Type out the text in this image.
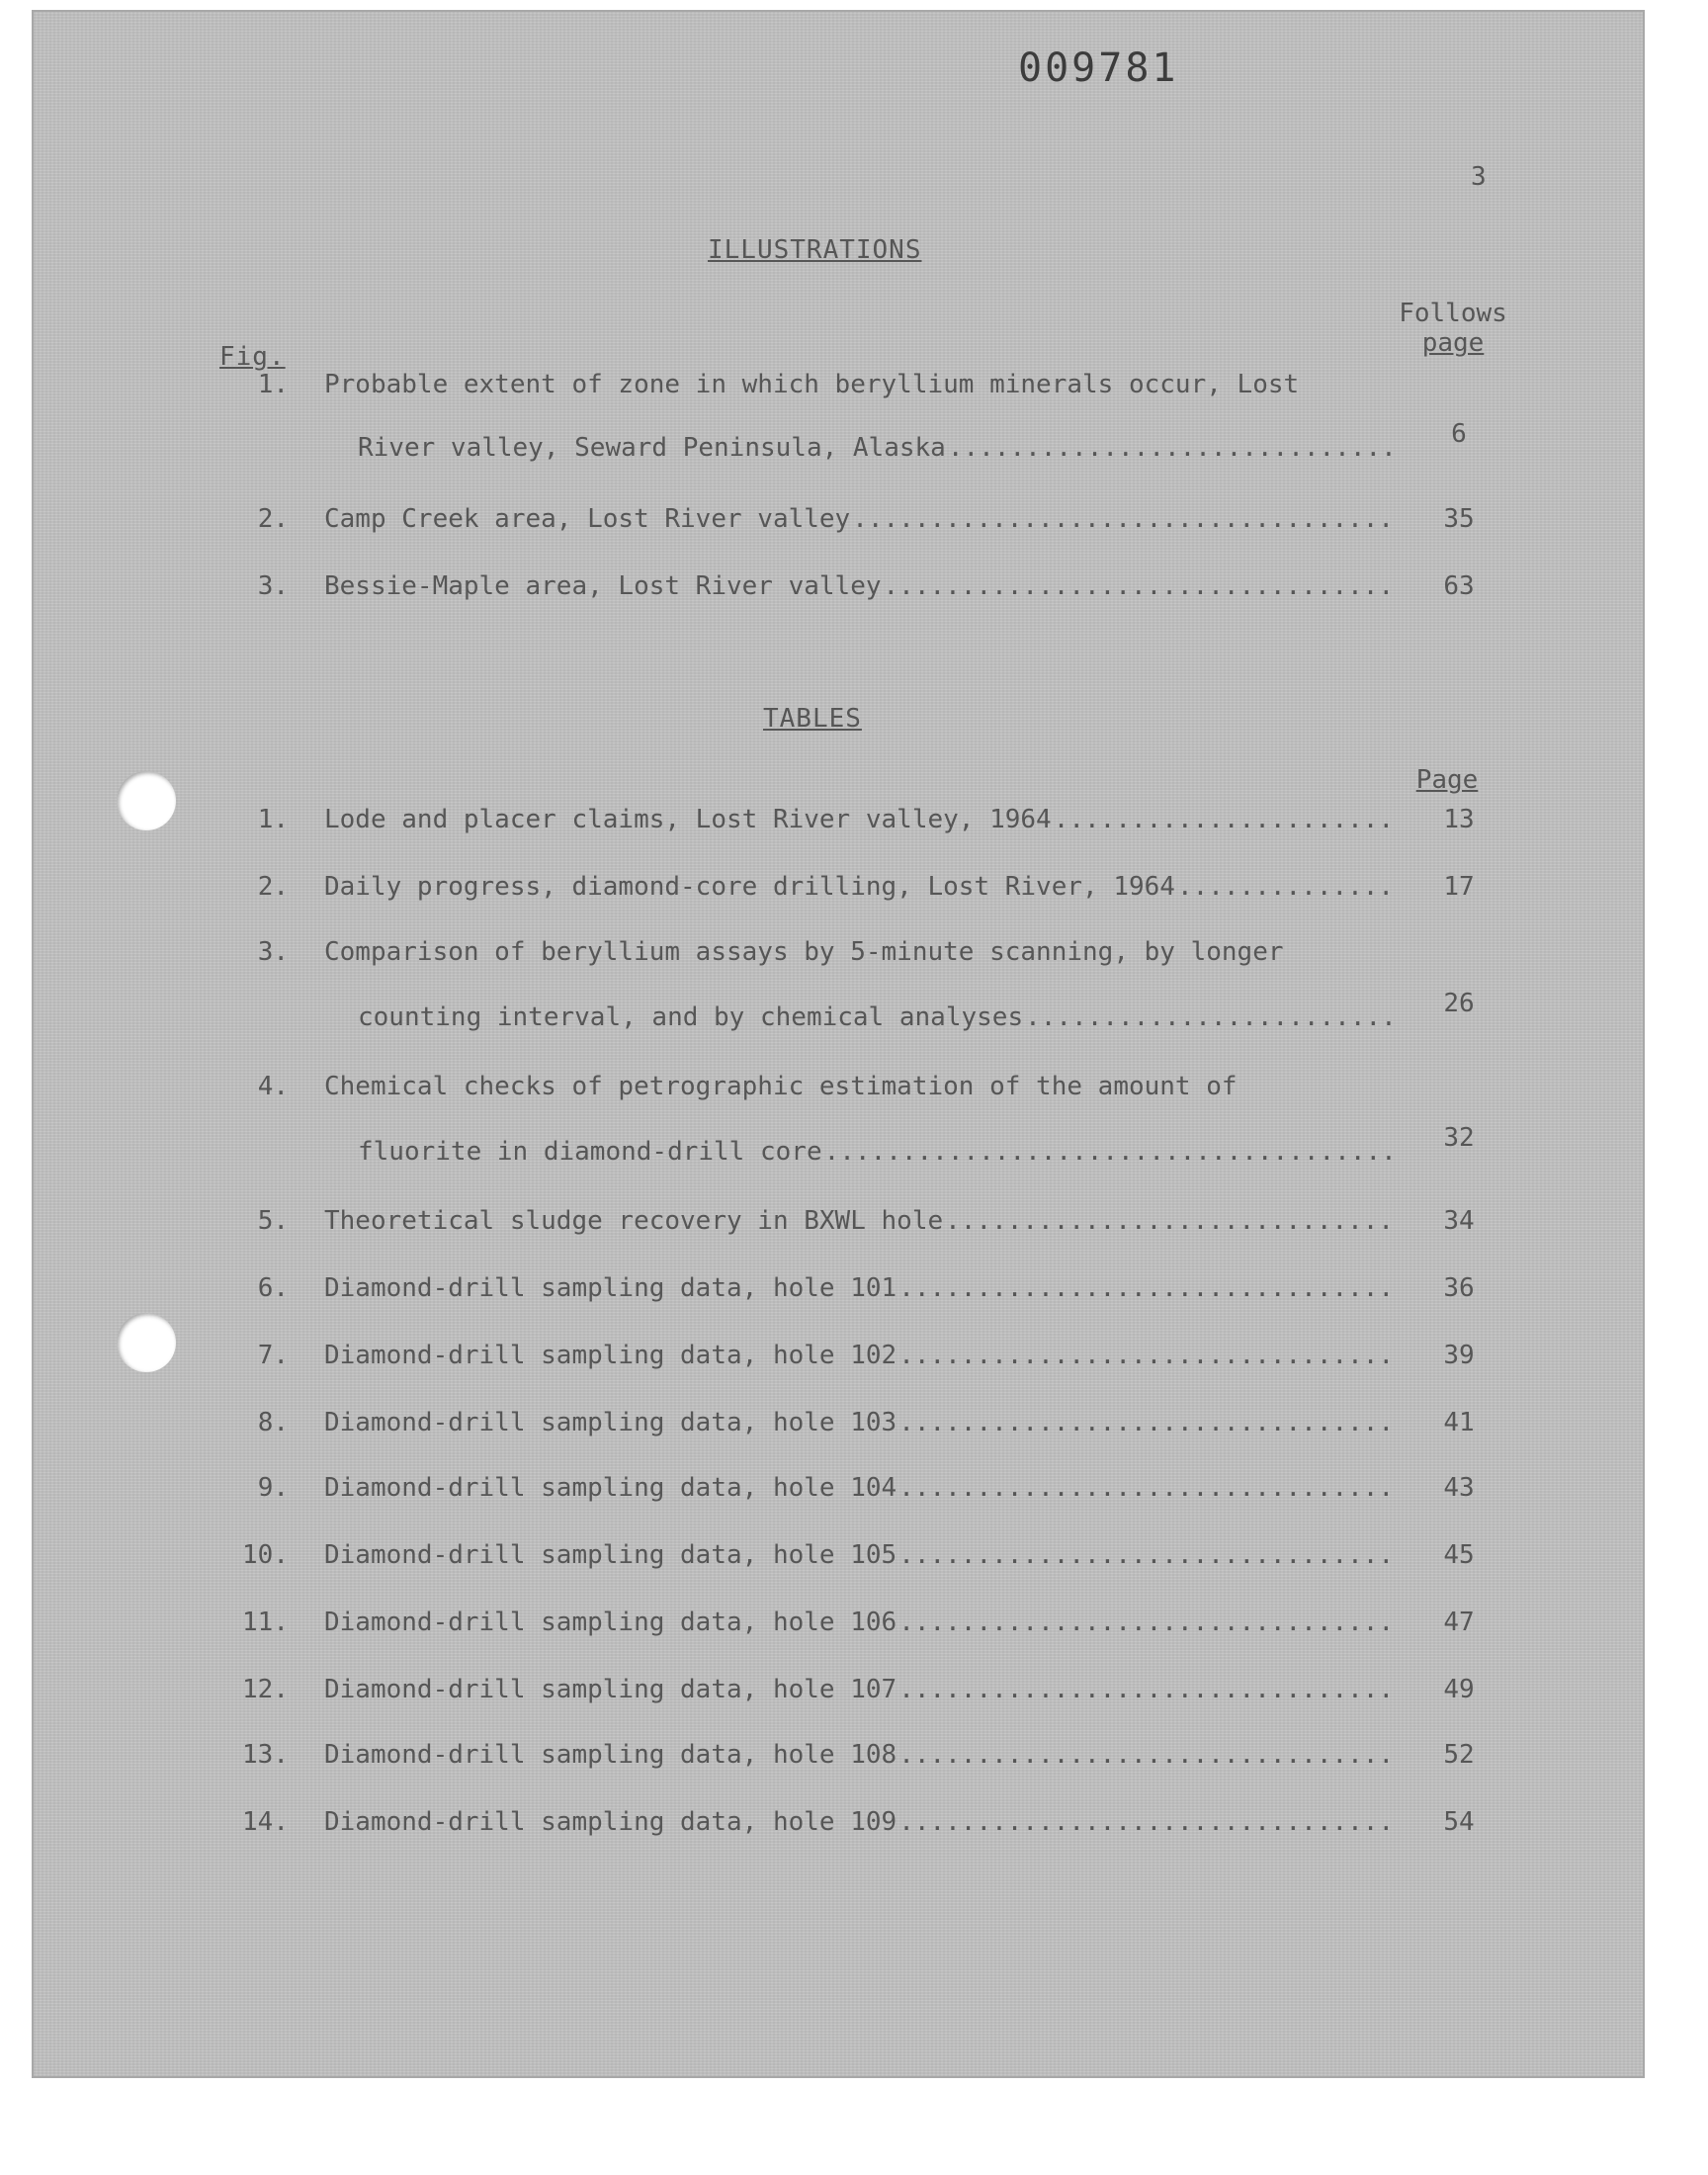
009781
3
ILLUSTRATIONS
Follows
page
Fig.
1. Probable extent of zone in which beryllium minerals occur, Lost
River valley, Seward Peninsula, Alaska .....	6
2. Camp Creek area, Lost River valley .....	35
3. Bessie-Maple area, Lost River valley .....	63
TABLES
Page
1. Lode and placer claims, Lost River valley, 1964 .....	13
2. Daily progress, diamond-core drilling, Lost River, 1964 .....	17
3. Comparison of beryllium assays by 5-minute scanning, by longer
counting interval, and by chemical analyses .....	26
4. Chemical checks of petrographic estimation of the amount of
fluorite in diamond-drill core .....	32
5. Theoretical sludge recovery in BXWL hole .....	34
6. Diamond-drill sampling data, hole 101 .....	36
7. Diamond-drill sampling data, hole 102 .....	39
8. Diamond-drill sampling data, hole 103 .....	41
9. Diamond-drill sampling data, hole 104 .....	43
10. Diamond-drill sampling data, hole 105 .....	45
11. Diamond-drill sampling data, hole 106 .....	47
12. Diamond-drill sampling data, hole 107 .....	49
13. Diamond-drill sampling data, hole 108 .....	52
14. Diamond-drill sampling data, hole 109 .....	54
